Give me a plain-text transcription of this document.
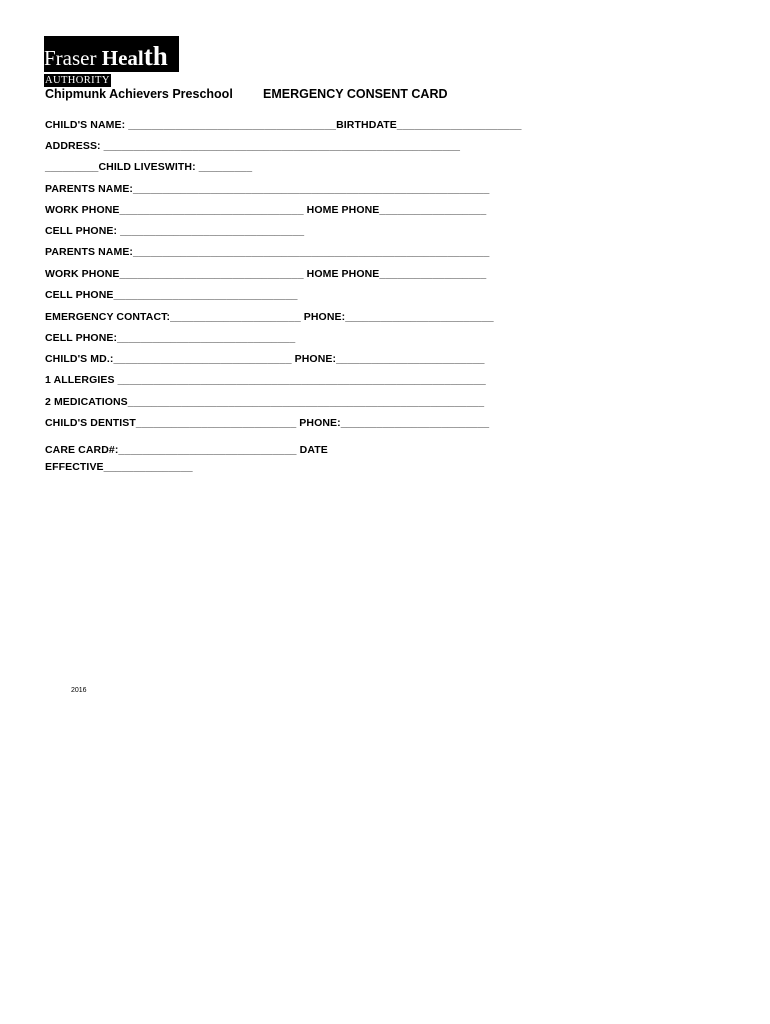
Fraser Health
AUTHORITY
Chipmunk Achievers Preschool EMERGENCY CONSENT CARD
CHILD'S NAME: ___________________________________BIRTHDATE_____________________
ADDRESS: ____________________________________________________________
_________CHILD LIVESWITH: _________
PARENTS NAME:____________________________________________________________
WORK PHONE_______________________________ HOME PHONE__________________
CELL PHONE: _______________________________
PARENTS NAME:____________________________________________________________
WORK PHONE_______________________________ HOME PHONE__________________
CELL PHONE_______________________________
EMERGENCY CONTACT:______________________ PHONE:_________________________
CELL PHONE:______________________________
CHILD'S MD.:______________________________ PHONE:_________________________
1 ALLERGIES ______________________________________________________________
2 MEDICATIONS____________________________________________________________
CHILD'S DENTIST___________________________ PHONE:_________________________
CARE CARD#:______________________________ DATE
EFFECTIVE_______________
2016
